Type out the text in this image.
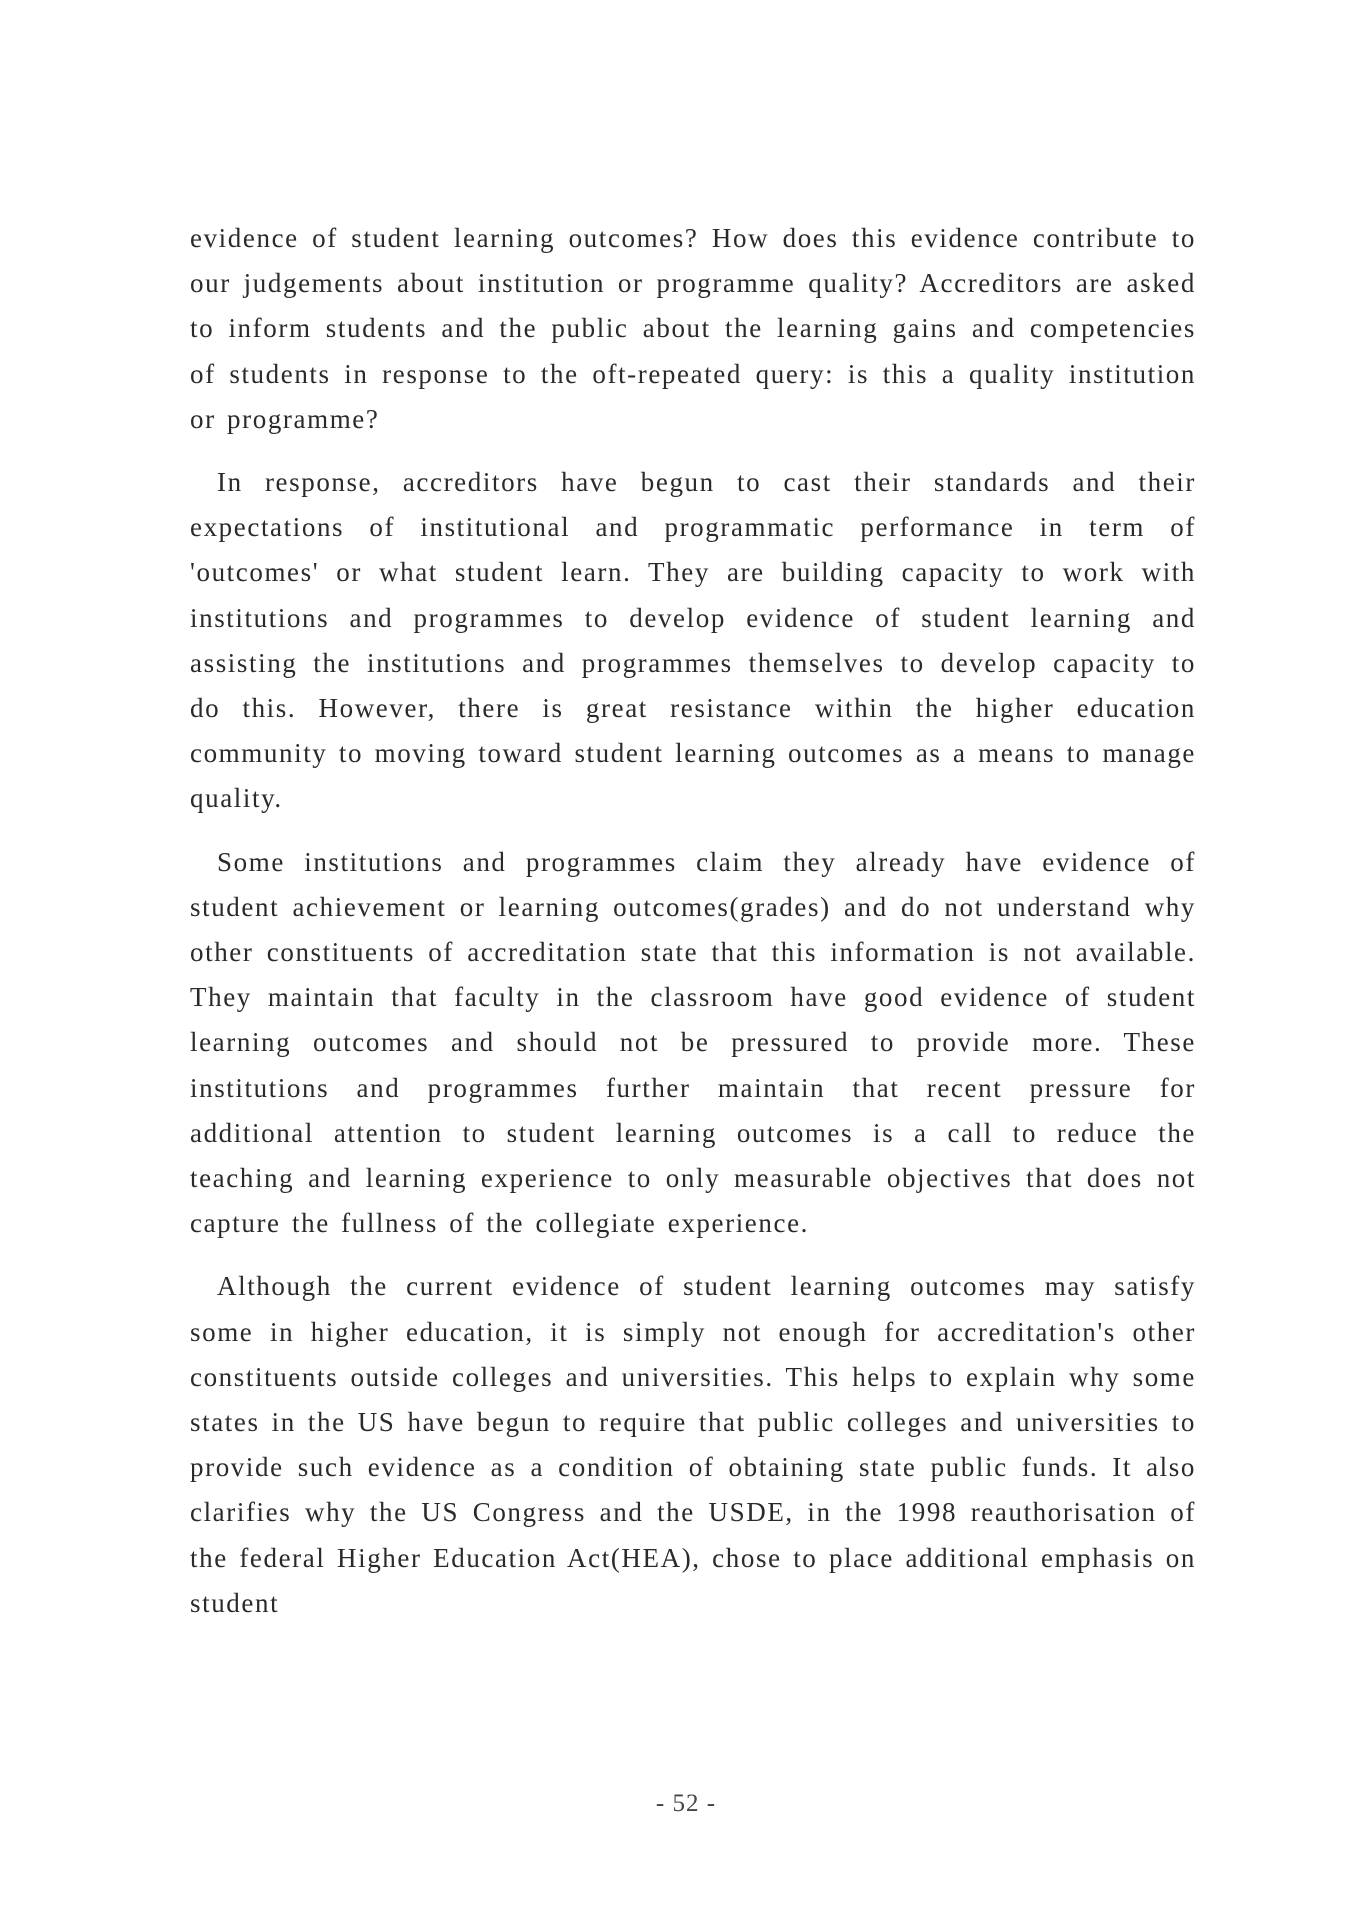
evidence of student learning outcomes? How does this evidence contribute to our judgements about institution or programme quality? Accreditors are asked to inform students and the public about the learning gains and competencies of students in response to the oft-repeated query: is this a quality institution or programme?

In response, accreditors have begun to cast their standards and their expectations of institutional and programmatic performance in term of 'outcomes' or what student learn. They are building capacity to work with institutions and programmes to develop evidence of student learning and assisting the institutions and programmes themselves to develop capacity to do this. However, there is great resistance within the higher education community to moving toward student learning outcomes as a means to manage quality.

Some institutions and programmes claim they already have evidence of student achievement or learning outcomes(grades) and do not understand why other constituents of accreditation state that this information is not available. They maintain that faculty in the classroom have good evidence of student learning outcomes and should not be pressured to provide more. These institutions and programmes further maintain that recent pressure for additional attention to student learning outcomes is a call to reduce the teaching and learning experience to only measurable objectives that does not capture the fullness of the collegiate experience.

Although the current evidence of student learning outcomes may satisfy some in higher education, it is simply not enough for accreditation's other constituents outside colleges and universities. This helps to explain why some states in the US have begun to require that public colleges and universities to provide such evidence as a condition of obtaining state public funds. It also clarifies why the US Congress and the USDE, in the 1998 reauthorisation of the federal Higher Education Act(HEA), chose to place additional emphasis on student

- 52 -
